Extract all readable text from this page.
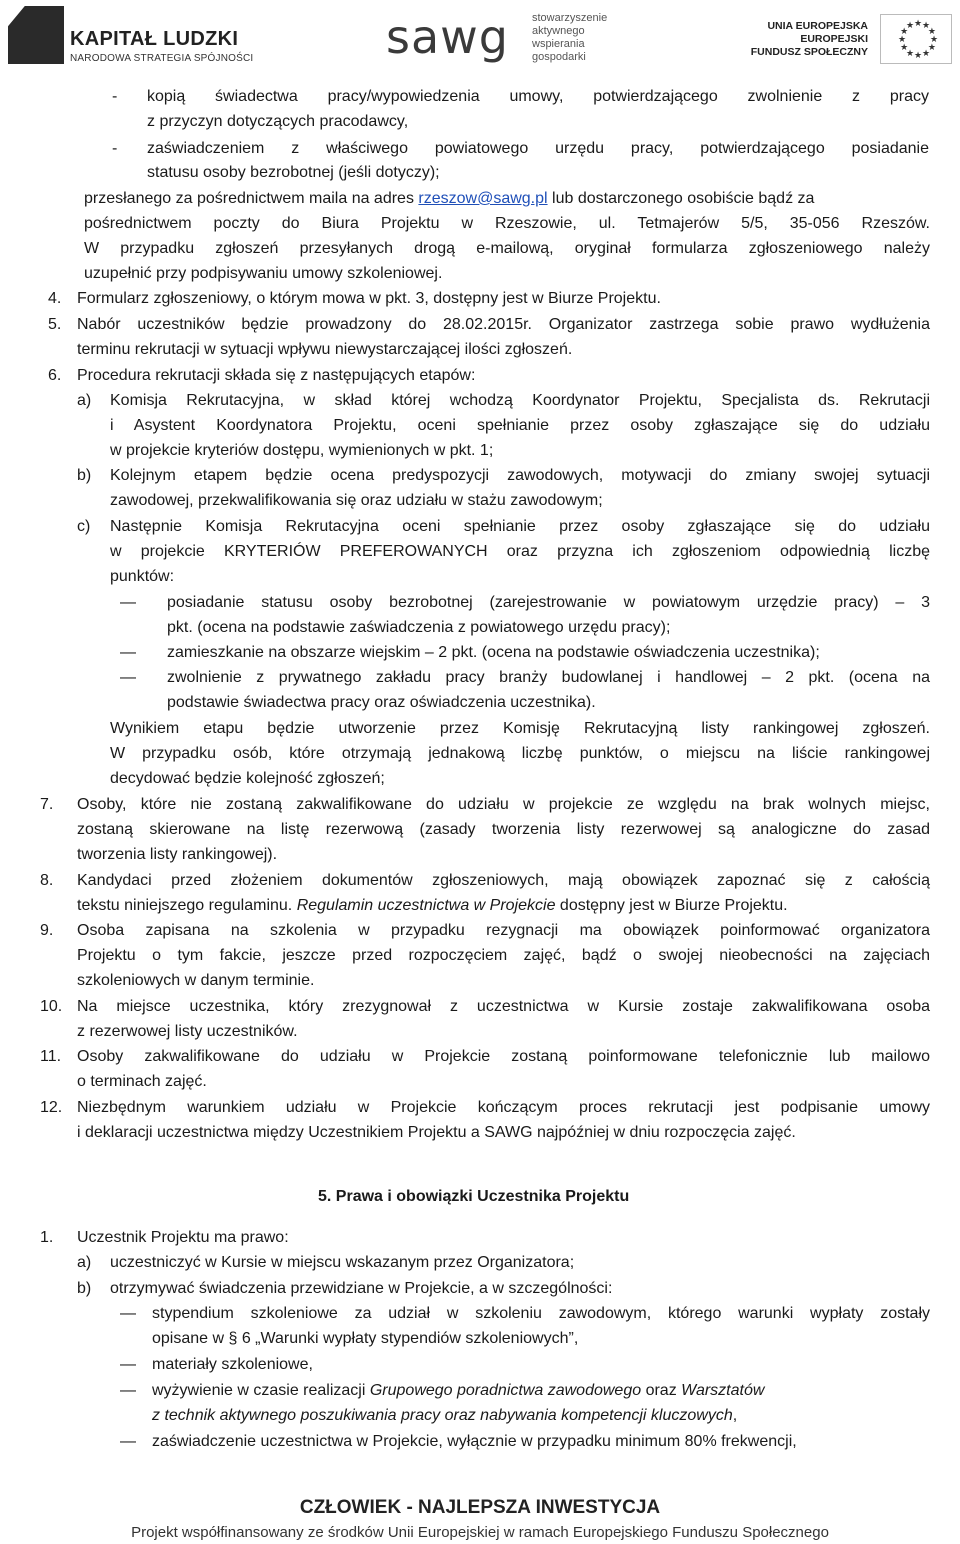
KAPITAŁ LUDZKI
NARODOWA STRATEGIA SPÓJNOŚCI	sawg stowarzyszenie
aktywnego
wspierania
gospodarki
UNIA EUROPEJSKA
EUROPEJSKI
FUNDUSZ SPOŁECZNY
★
★
★
★
★
★
★
★
★ ★ ★
★
- kopią świadectwa pracy/wypowiedzenia umowy, potwierdzającego zwolnienie z pracy
z przyczyn dotyczących pracodawcy,
- zaświadczeniem z właściwego powiatowego urzędu pracy, potwierdzającego posiadanie
statusu osoby bezrobotnej (jeśli dotyczy);
przesłanego za pośrednictwem maila na adres rzeszow@sawg.pl lub dostarczonego osobiście bądź za
pośrednictwem poczty do Biura Projektu w Rzeszowie, ul. Tetmajerów 5/5, 35-056 Rzeszów.
W przypadku zgłoszeń przesyłanych drogą e-mailową, oryginał formularza zgłoszeniowego należy
uzupełnić przy podpisywaniu umowy szkoleniowej.
4. Formularz zgłoszeniowy, o którym mowa w pkt. 3, dostępny jest w Biurze Projektu.
5. Nabór uczestników będzie prowadzony do 28.02.2015r. Organizator zastrzega sobie prawo wydłużenia
terminu rekrutacji w sytuacji wpływu niewystarczającej ilości zgłoszeń.
6. Procedura rekrutacji składa się z następujących etapów:
a) Komisja Rekrutacyjna, w skład której wchodzą Koordynator Projektu, Specjalista ds. Rekrutacji
i Asystent Koordynatora Projektu, oceni spełnianie przez osoby zgłaszające się do udziału
w projekcie kryteriów dostępu, wymienionych w pkt. 1;
b) Kolejnym etapem będzie ocena predyspozycji zawodowych, motywacji do zmiany swojej sytuacji
zawodowej, przekwalifikowania się oraz udziału w stażu zawodowym;
c) Następnie Komisja Rekrutacyjna oceni spełnianie przez osoby zgłaszające się do udziału
w projekcie KRYTERIÓW PREFEROWANYCH oraz przyzna ich zgłoszeniom odpowiednią liczbę
punktów:
— posiadanie statusu osoby bezrobotnej (zarejestrowanie w powiatowym urzędzie pracy) – 3
pkt. (ocena na podstawie zaświadczenia z powiatowego urzędu pracy);
— zamieszkanie na obszarze wiejskim – 2 pkt. (ocena na podstawie oświadczenia uczestnika);
— zwolnienie z prywatnego zakładu pracy branży budowlanej i handlowej – 2 pkt. (ocena na
podstawie świadectwa pracy oraz oświadczenia uczestnika).
Wynikiem etapu będzie utworzenie przez Komisję Rekrutacyjną listy rankingowej zgłoszeń.
W przypadku osób, które otrzymają jednakową liczbę punktów, o miejscu na liście rankingowej
decydować będzie kolejność zgłoszeń;
7. Osoby, które nie zostaną zakwalifikowane do udziału w projekcie ze względu na brak wolnych miejsc,
zostaną skierowane na listę rezerwową (zasady tworzenia listy rezerwowej są analogiczne do zasad
tworzenia listy rankingowej).
8. Kandydaci przed złożeniem dokumentów zgłoszeniowych, mają obowiązek zapoznać się z całością
tekstu niniejszego regulaminu. Regulamin uczestnictwa w Projekcie dostępny jest w Biurze Projektu.
9. Osoba zapisana na szkolenia w przypadku rezygnacji ma obowiązek poinformować organizatora
Projektu o tym fakcie, jeszcze przed rozpoczęciem zajęć, bądź o swojej nieobecności na zajęciach
szkoleniowych w danym terminie.
10. Na miejsce uczestnika, który zrezygnował z uczestnictwa w Kursie zostaje zakwalifikowana osoba
z rezerwowej listy uczestników.
11. Osoby zakwalifikowane do udziału w Projekcie zostaną poinformowane telefonicznie lub mailowo
o terminach zajęć.
12. Niezbędnym warunkiem udziału w Projekcie kończącym proces rekrutacji jest podpisanie umowy
i deklaracji uczestnictwa między Uczestnikiem Projektu a SAWG najpóźniej w dniu rozpoczęcia zajęć.
5. Prawa i obowiązki Uczestnika Projektu
1. Uczestnik Projektu ma prawo:
a) uczestniczyć w Kursie w miejscu wskazanym przez Organizatora;
b) otrzymywać świadczenia przewidziane w Projekcie, a w szczególności:
— stypendium szkoleniowe za udział w szkoleniu zawodowym, którego warunki wypłaty zostały
opisane w § 6 „Warunki wypłaty stypendiów szkoleniowych”,
— materiały szkoleniowe,
— wyżywienie w czasie realizacji Grupowego poradnictwa zawodowego oraz Warsztatów
z technik aktywnego poszukiwania pracy oraz nabywania kompetencji kluczowych,
— zaświadczenie uczestnictwa w Projekcie, wyłącznie w przypadku minimum 80% frekwencji,
CZŁOWIEK - NAJLEPSZA INWESTYCJA
Projekt współfinansowany ze środków Unii Europejskiej w ramach Europejskiego Funduszu Społecznego
